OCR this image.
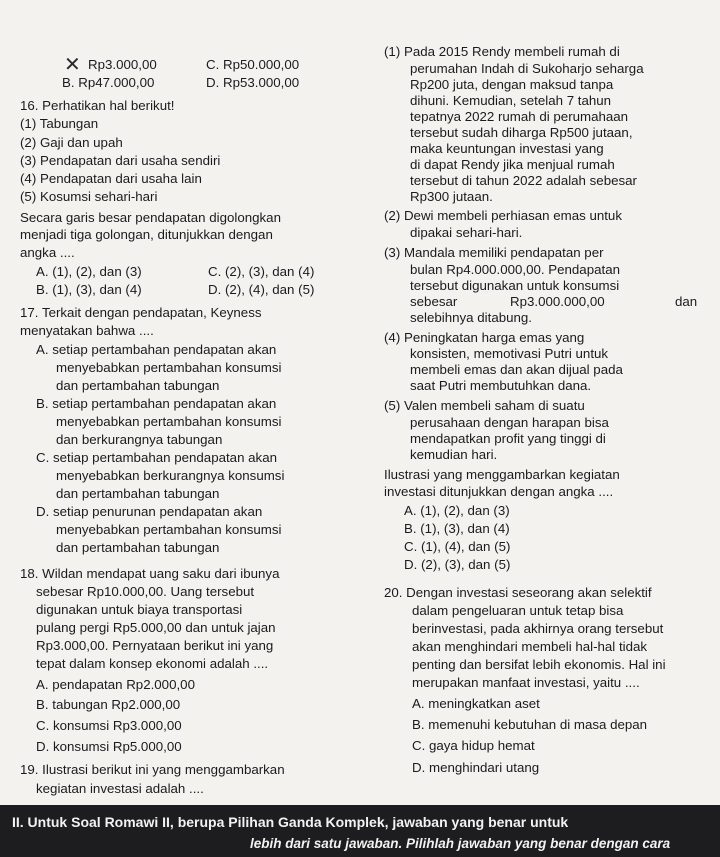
✕ Rp3.000,00	C. Rp50.000,00
B. Rp47.000,00	D. Rp53.000,00
16. Perhatikan hal berikut!
(1) Tabungan
(2) Gaji dan upah
(3) Pendapatan dari usaha sendiri
(4) Pendapatan dari usaha lain
(5) Kosumsi sehari-hari
Secara garis besar pendapatan digolongkan
menjadi tiga golongan, ditunjukkan dengan
angka ....
A. (1), (2), dan (3)	C. (2), (3), dan (4)
B. (1), (3), dan (4)	D. (2), (4), dan (5)
17. Terkait dengan pendapatan, Keyness
menyatakan bahwa ....
A. setiap pertambahan pendapatan akan
menyebabkan pertambahan konsumsi
dan pertambahan tabungan
B. setiap pertambahan pendapatan akan
menyebabkan pertambahan konsumsi
dan berkurangnya tabungan
C. setiap pertambahan pendapatan akan
menyebabkan berkurangnya konsumsi
dan pertambahan tabungan
D. setiap penurunan pendapatan akan
menyebabkan pertambahan konsumsi
dan pertambahan tabungan
18. Wildan mendapat uang saku dari ibunya
sebesar Rp10.000,00. Uang tersebut
digunakan untuk biaya transportasi
pulang pergi Rp5.000,00 dan untuk jajan
Rp3.000,00. Pernyataan berikut ini yang
tepat dalam konsep ekonomi adalah ....
A. pendapatan Rp2.000,00
B. tabungan Rp2.000,00
C. konsumsi Rp3.000,00
D. konsumsi Rp5.000,00
19. Ilustrasi berikut ini yang menggambarkan
kegiatan investasi adalah ....
(1) Pada 2015 Rendy membeli rumah di
perumahan Indah di Sukoharjo seharga
Rp200 juta, dengan maksud tanpa
dihuni. Kemudian, setelah 7 tahun
tepatnya 2022 rumah di perumahaan
tersebut sudah diharga Rp500 jutaan,
maka keuntungan investasi yang
di dapat Rendy jika menjual rumah
tersebut di tahun 2022 adalah sebesar
Rp300 jutaan.
(2) Dewi membeli perhiasan emas untuk
dipakai sehari-hari.
(3) Mandala memiliki pendapatan per
bulan Rp4.000.000,00. Pendapatan
tersebut digunakan untuk konsumsi
sebesar	Rp3.000.000,00	dan
selebihnya ditabung.
(4) Peningkatan harga emas yang
konsisten, memotivasi Putri untuk
membeli emas dan akan dijual pada
saat Putri membutuhkan dana.
(5) Valen membeli saham di suatu
perusahaan dengan harapan bisa
mendapatkan profit yang tinggi di
kemudian hari.
Ilustrasi yang menggambarkan kegiatan
investasi ditunjukkan dengan angka ....
A. (1), (2), dan (3)
B. (1), (3), dan (4)
C. (1), (4), dan (5)
D. (2), (3), dan (5)
20. Dengan investasi seseorang akan selektif
dalam pengeluaran untuk tetap bisa
berinvestasi, pada akhirnya orang tersebut
akan menghindari membeli hal-hal tidak
penting dan bersifat lebih ekonomis. Hal ini
merupakan manfaat investasi, yaitu ....
A. meningkatkan aset
B. memenuhi kebutuhan di masa depan
C. gaya hidup hemat
D. menghindari utang
II. Untuk Soal Romawi II, berupa Pilihan Ganda Komplek, jawaban yang benar untuk
lebih dari satu jawaban. Pilihlah jawaban yang benar dengan cara
